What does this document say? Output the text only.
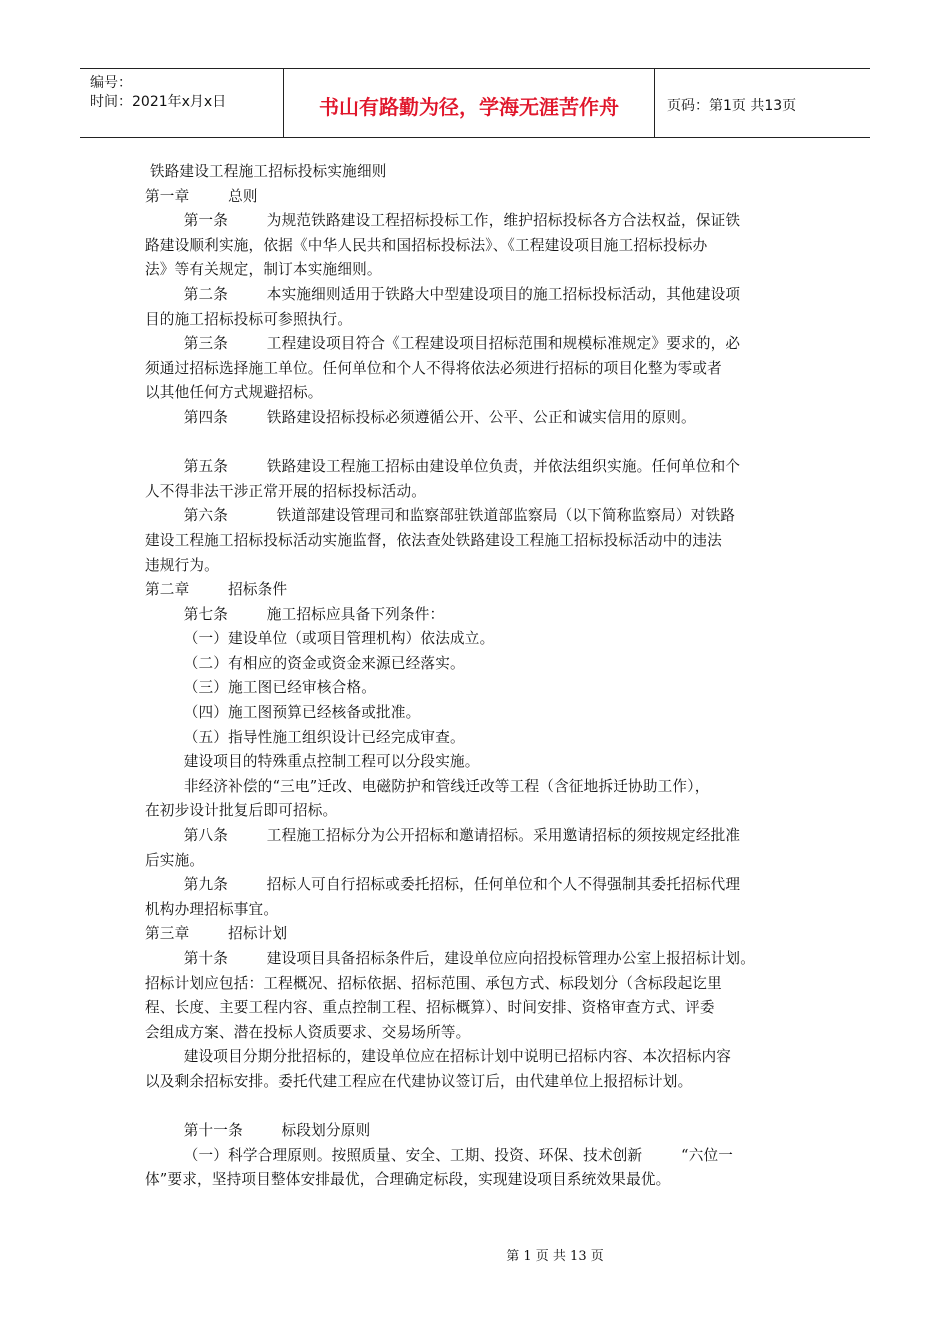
编号：
时间：2021年x月x日	书山有路勤为径，学海无涯苦作舟	页码：第1页 共13页
铁路建设工程施工招标投标实施细则
第一章        总则
第一条        为规范铁路建设工程招标投标工作，维护招标投标各方合法权益，保证铁
路建设顺利实施，依据《中华人民共和国招标投标法》、《工程建设项目施工招标投标办
法》等有关规定，制订本实施细则。
第二条        本实施细则适用于铁路大中型建设项目的施工招标投标活动，其他建设项
目的施工招标投标可参照执行。
第三条        工程建设项目符合《工程建设项目招标范围和规模标准规定》要求的，必
须通过招标选择施工单位。任何单位和个人不得将依法必须进行招标的项目化整为零或者
以其他任何方式规避招标。
第四条        铁路建设招标投标必须遵循公开、公平、公正和诚实信用的原则。
第五条        铁路建设工程施工招标由建设单位负责，并依法组织实施。任何单位和个
人不得非法干涉正常开展的招标投标活动。
第六条          铁道部建设管理司和监察部驻铁道部监察局（以下简称监察局）对铁路
建设工程施工招标投标活动实施监督，依法查处铁路建设工程施工招标投标活动中的违法
违规行为。
第二章        招标条件
第七条        施工招标应具备下列条件：
（一）建设单位（或项目管理机构）依法成立。
（二）有相应的资金或资金来源已经落实。
（三）施工图已经审核合格。
（四）施工图预算已经核备或批准。
（五）指导性施工组织设计已经完成审查。
建设项目的特殊重点控制工程可以分段实施。
非经济补偿的“三电”迁改、电磁防护和管线迁改等工程（含征地拆迁协助工作），
在初步设计批复后即可招标。
第八条        工程施工招标分为公开招标和邀请招标。采用邀请招标的须按规定经批准
后实施。
第九条        招标人可自行招标或委托招标，任何单位和个人不得强制其委托招标代理
机构办理招标事宜。
第三章        招标计划
第十条        建设项目具备招标条件后，建设单位应向招投标管理办公室上报招标计划。
招标计划应包括：工程概况、招标依据、招标范围、承包方式、标段划分（含标段起讫里
程、长度、主要工程内容、重点控制工程、招标概算）、时间安排、资格审查方式、评委
会组成方案、潜在投标人资质要求、交易场所等。
建设项目分期分批招标的，建设单位应在招标计划中说明已招标内容、本次招标内容
以及剩余招标安排。委托代建工程应在代建协议签订后，由代建单位上报招标计划。
第十一条        标段划分原则
（一）科学合理原则。按照质量、安全、工期、投资、环保、技术创新        “六位一
体”要求，坚持项目整体安排最优，合理确定标段，实现建设项目系统效果最优。
第 1 页 共 13 页
